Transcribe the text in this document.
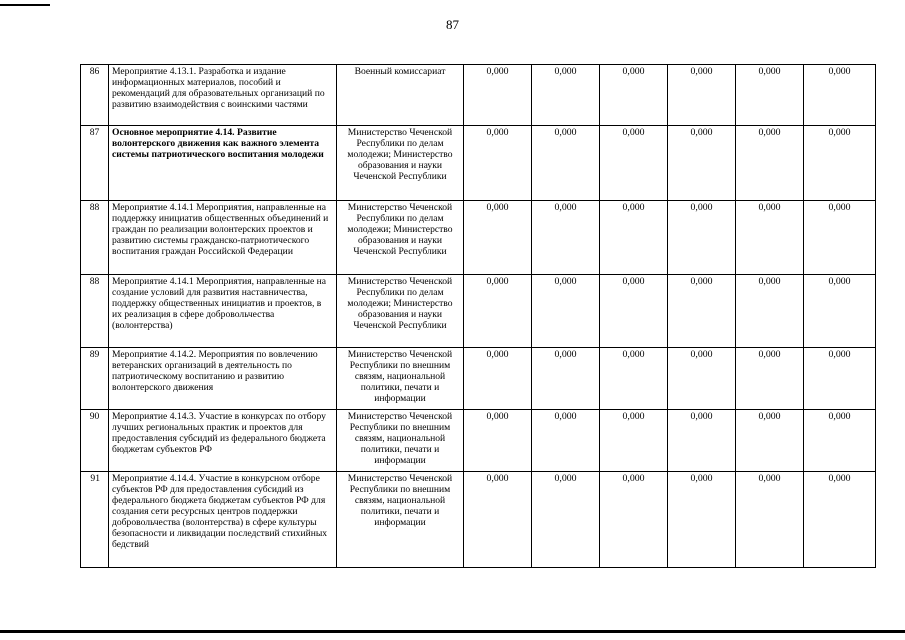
87
86	Мероприятие 4.13.1. Разработка и издание информационных материалов, пособий и рекомендаций для образовательных организаций по развитию взаимодействия с воинскими частями	Военный комиссариат	0,000	0,000	0,000	0,000	0,000	0,000
87	Основное мероприятие 4.14. Развитие волонтерского движения как важного элемента системы патриотического воспитания молодежи	Министерство Чеченской Республики по делам молодежи; Министерство образования и науки Чеченской Республики	0,000	0,000	0,000	0,000	0,000	0,000
88	Мероприятие 4.14.1 Мероприятия, направленные на поддержку инициатив общественных объединений и граждан по реализации волонтерских проектов и развитию системы гражданско-патриотического воспитания граждан Российской Федерации	Министерство Чеченской Республики по делам молодежи; Министерство образования и науки Чеченской Республики	0,000	0,000	0,000	0,000	0,000	0,000
88	Мероприятие 4.14.1 Мероприятия, направленные на создание условий для развития наставничества, поддержку общественных инициатив и проектов, в их реализация в сфере добровольчества (волонтерства)	Министерство Чеченской Республики по делам молодежи; Министерство образования и науки Чеченской Республики	0,000	0,000	0,000	0,000	0,000	0,000
89	Мероприятие 4.14.2. Мероприятия по вовлечению ветеранских организаций в деятельность по патриотическому воспитанию и развитию волонтерского движения	Министерство Чеченской Республики по внешним связям, национальной политики, печати и информации	0,000	0,000	0,000	0,000	0,000	0,000
90	Мероприятие 4.14.3. Участие в конкурсах по отбору лучших региональных практик и проектов для предоставления субсидий из федерального бюджета бюджетам субъектов РФ	Министерство Чеченской Республики по внешним связям, национальной политики, печати и информации	0,000	0,000	0,000	0,000	0,000	0,000
91	Мероприятие 4.14.4. Участие в конкурсном отборе субъектов РФ для предоставления субсидий из федерального бюджета бюджетам субъектов РФ для создания сети ресурсных центров поддержки добровольчества (волонтерства) в сфере культуры безопасности и ликвидации последствий стихийных бедствий	Министерство Чеченской Республики по внешним связям, национальной политики, печати и информации	0,000	0,000	0,000	0,000	0,000	0,000
